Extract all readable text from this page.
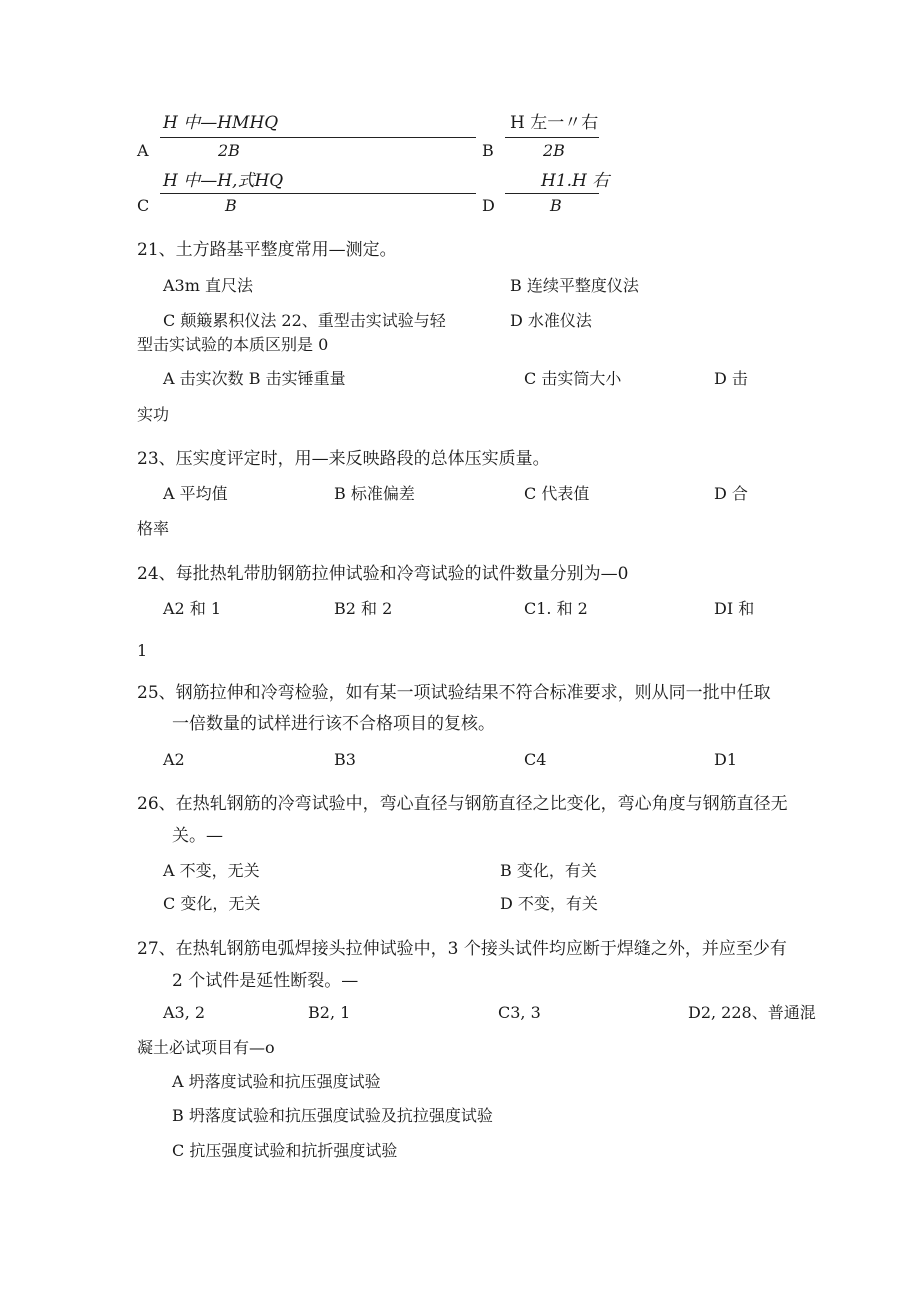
H 中—HMHQ
A	2B
H 左一〃右
B	2B
H 中—H,式HQ
C	B
H1.H 右
D	B
21、土方路基平整度常用—测定。
A3m 直尺法	B 连续平整度仪法
C 颠簸累积仪法 22、重型击实试验与轻	D 水准仪法
型击实试验的本质区别是 0
A 击实次数 B 击实锤重量	C 击实筒大小	D 击
实功
23、压实度评定时，用—来反映路段的总体压实质量。
A 平均值	B 标准偏差	C 代表值	D 合
格率
24、每批热轧带肋钢筋拉伸试验和冷弯试验的试件数量分别为—0
A2 和 1	B2 和 2	C1. 和 2	DI 和
1
25、钢筋拉伸和冷弯检验，如有某一项试验结果不符合标准要求，则从同一批中任取
一倍数量的试样进行该不合格项目的复核。
A2	B3	C4	D1
26、在热轧钢筋的冷弯试验中，弯心直径与钢筋直径之比变化，弯心角度与钢筋直径无
关。—
A 不变，无关	B 变化，有关
C 变化，无关	D 不变，有关
27、在热轧钢筋电弧焊接头拉伸试验中，3 个接头试件均应断于焊缝之外，并应至少有
2 个试件是延性断裂。—
A3, 2	B2, 1	C3, 3	D2, 228、普通混
凝土必试项目有—o
A 坍落度试验和抗压强度试验
B 坍落度试验和抗压强度试验及抗拉强度试验
C 抗压强度试验和抗折强度试验
